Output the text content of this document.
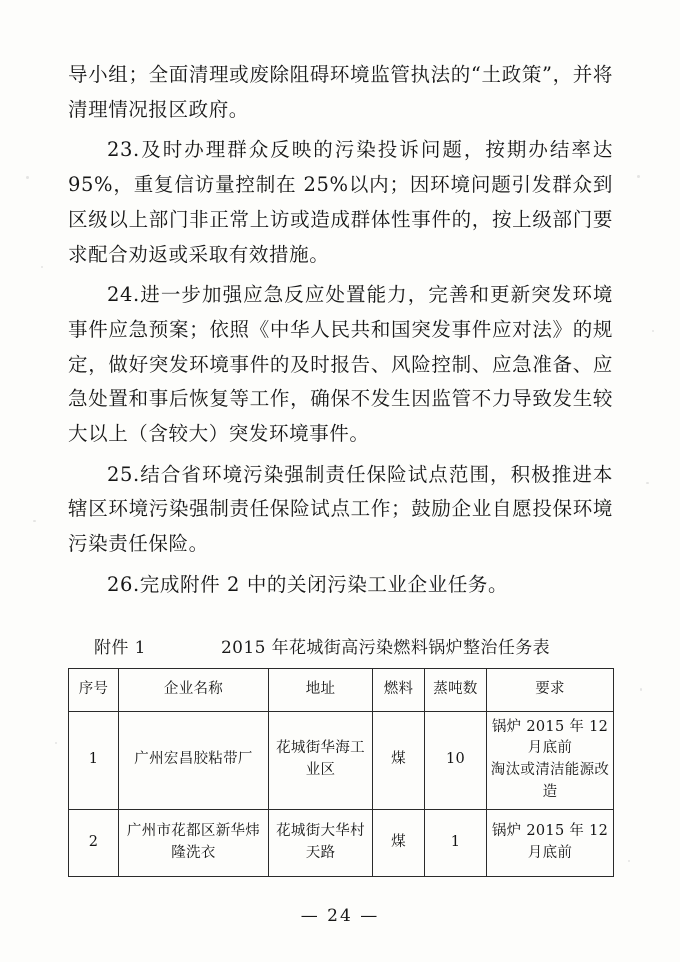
导小组；全面清理或废除阻碍环境监管执法的“土政策”，并将清理情况报区政府。

23.及时办理群众反映的污染投诉问题，按期办结率达95%，重复信访量控制在 25%以内；因环境问题引发群众到区级以上部门非正常上访或造成群体性事件的，按上级部门要求配合劝返或采取有效措施。

24.进一步加强应急反应处置能力，完善和更新突发环境事件应急预案；依照《中华人民共和国突发事件应对法》的规定，做好突发环境事件的及时报告、风险控制、应急准备、应急处置和事后恢复等工作，确保不发生因监管不力导致发生较大以上（含较大）突发环境事件。

25.结合省环境污染强制责任保险试点范围，积极推进本辖区环境污染强制责任保险试点工作；鼓励企业自愿投保环境污染责任保险。

26.完成附件 2 中的关闭污染工业企业任务。

附件 1	2015 年花城街高污染燃料锅炉整治任务表
序号	企业名称	地址	燃料	蒸吨数	要求
1	广州宏昌胶粘带厂	花城街华海工业区	煤	10	锅炉 2015 年 12 月底前
淘汰或清洁能源改造

2	广州市花都区新华炜隆洗衣	花城街大华村天路	煤	1	锅炉 2015 年 12 月底前
— 24 —
